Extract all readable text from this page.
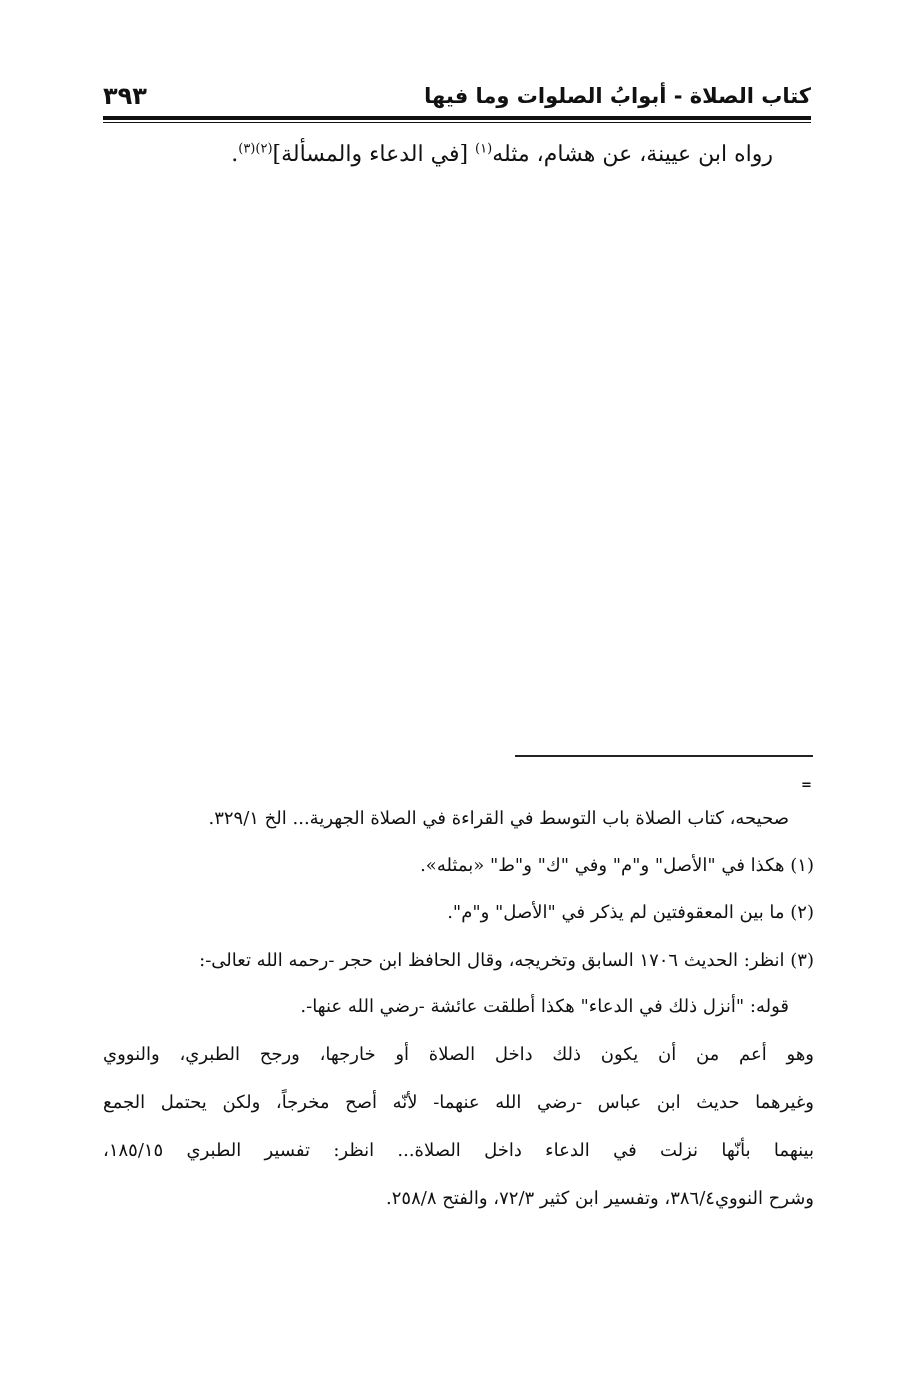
كتاب الصلاة - أبوابُ الصلوات وما فيها
٣٩٣
رواه ابن عيينة، عن هشام، مثله$^{(١)}$ [في الدعاء والمسألة]$^{(٢)(٣)}$.
=
صحيحه، كتاب الصلاة باب التوسط في القراءة في الصلاة الجهرية... الخ ٣٢٩/١.
(١) هكذا في "الأصل" و"م" وفي "ك" و"ط" «بمثله».
(٢) ما بين المعقوفتين لم يذكر في "الأصل" و"م".
(٣) انظر: الحديث ١٧٠٦ السابق وتخريجه، وقال الحافظ ابن حجر -رحمه الله تعالى-:
قوله: "أنزل ذلك في الدعاء" هكذا أطلقت عائشة -رضي الله عنها-.
وهو أعم من أن يكون ذلك داخل الصلاة أو خارجها، ورجح الطبري، والنووي
وغيرهما حديث ابن عباس -رضي الله عنهما- لأنّه أصح مخرجاً، ولكن يحتمل الجمع
بينهما بأنّها نزلت في الدعاء داخل الصلاة... انظر: تفسير الطبري ١٨٥/١٥،
وشرح النووي٣٨٦/٤، وتفسير ابن كثير ٧٢/٣، والفتح ٢٥٨/٨.
